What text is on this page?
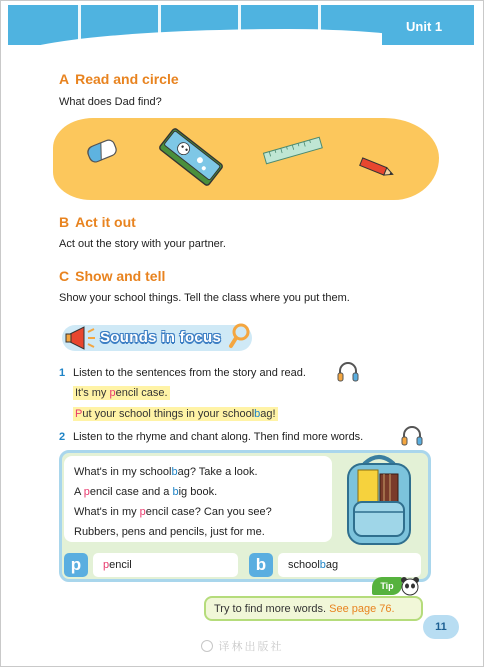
Unit 1
A Read and circle
What does Dad find?
B Act it out
Act out the story with your partner.
C Show and tell
Show your school things. Tell the class where you put them.
Sounds in focus
1 Listen to the sentences from the story and read.
It's my pencil case.
Put your school things in your schoolbag!
2 Listen to the rhyme and chant along. Then find more words.
What's in my schoolbag? Take a look.
A pencil case and a big book.
What's in my pencil case? Can you see?
Rubbers, pens and pencils, just for me.
p	pencil	b	schoolbag
Tip
Try to find more words. See page 76.
11
译林出版社
